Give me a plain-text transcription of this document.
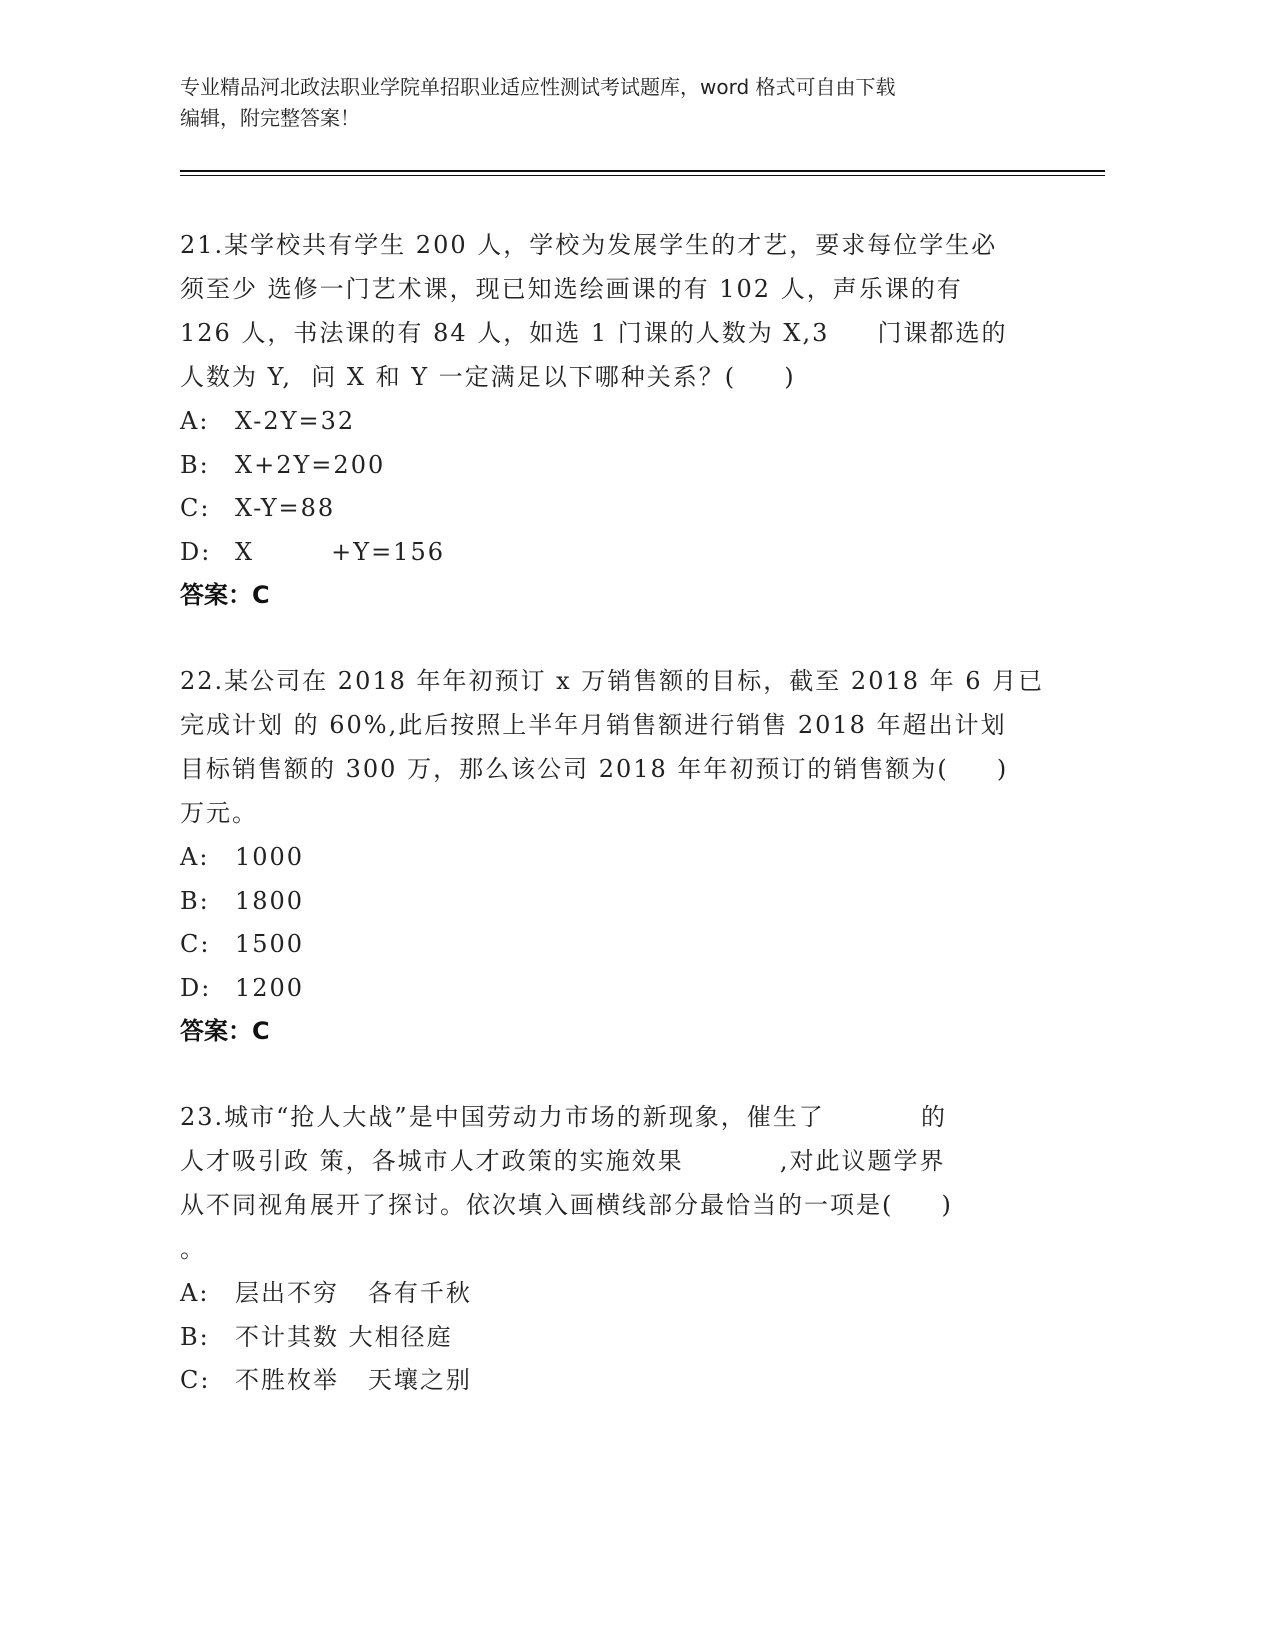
专业精品河北政法职业学院单招职业适应性测试考试题库，word 格式可自由下载
编辑，附完整答案！
21.某学校共有学生 200 人，学校为发展学生的才艺，要求每位学生必
须至少 选修一门艺术课，现已知选绘画课的有 102 人，声乐课的有
126 人，书法课的有 84 人，如选 1 门课的人数为 X,3     门课都选的
人数为 Y,  问 X 和 Y 一定满足以下哪种关系？(     )
A: X-2Y=32
B: X+2Y=200
C: X-Y=88
D: X        +Y=156
答案：C
22.某公司在 2018 年年初预订 x 万销售额的目标，截至 2018 年 6 月已
完成计划 的 60%,此后按照上半年月销售额进行销售 2018 年超出计划
目标销售额的 300 万，那么该公司 2018 年年初预订的销售额为(     )
万元。
A: 1000
B: 1800
C: 1500
D: 1200
答案：C
23.城市“抢人大战”是中国劳动力市场的新现象，催生了          的
人才吸引政 策，各城市人才政策的实施效果          ,对此议题学界
从不同视角展开了探讨。依次填入画横线部分最恰当的一项是(     )
。
A: 层出不穷   各有千秋
B: 不计其数 大相径庭
C: 不胜枚举   天壤之别
